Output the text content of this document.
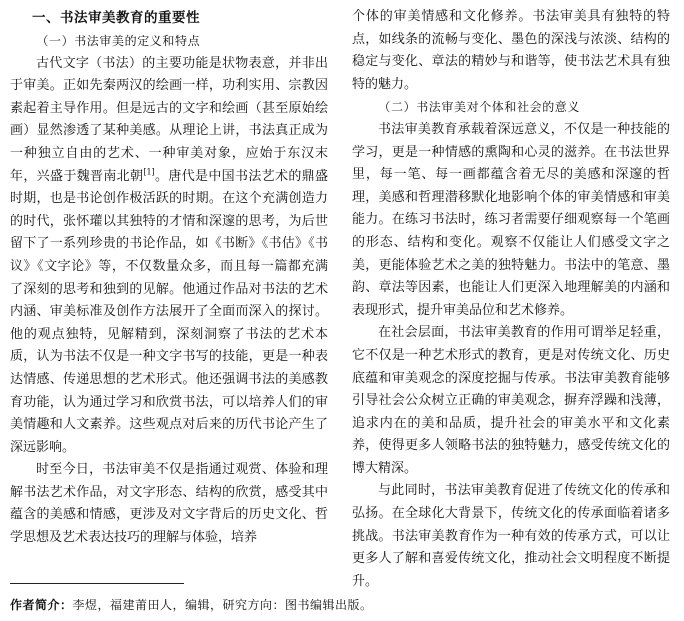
一、书法审美教育的重要性
（一）书法审美的定义和特点

古代文字（书法）的主要功能是状物表意，并非出于审美。正如先秦两汉的绘画一样，功利实用、宗教因素起着主导作用。但是远古的文字和绘画（甚至原始绘画）显然渗透了某种美感。从理论上讲，书法真正成为一种独立自由的艺术、一种审美对象，应始于东汉末年，兴盛于魏晋南北朝[1]。唐代是中国书法艺术的鼎盛时期，也是书论创作极活跃的时期。在这个充满创造力的时代，张怀瓘以其独特的才情和深邃的思考，为后世留下了一系列珍贵的书论作品，如《书断》《书估》《书议》《文字论》等，不仅数量众多，而且每一篇都充满了深刻的思考和独到的见解。他通过作品对书法的艺术内涵、审美标准及创作方法展开了全面而深入的探讨。他的观点独特，见解精到，深刻洞察了书法的艺术本质，认为书法不仅是一种文字书写的技能，更是一种表达情感、传递思想的艺术形式。他还强调书法的美感教育功能，认为通过学习和欣赏书法，可以培养人们的审美情趣和人文素养。这些观点对后来的历代书论产生了深远影响。

时至今日，书法审美不仅是指通过观赏、体验和理解书法艺术作品，对文字形态、结构的欣赏，感受其中蕴含的美感和情感，更涉及对文字背后的历史文化、哲学思想及艺术表达技巧的理解与体验，培养

个体的审美情感和文化修养。书法审美具有独特的特点，如线条的流畅与变化、墨色的深浅与浓淡、结构的稳定与变化、章法的精妙与和谐等，使书法艺术具有独特的魅力。

（二）书法审美对个体和社会的意义

书法审美教育承载着深远意义，不仅是一种技能的学习，更是一种情感的熏陶和心灵的滋养。在书法世界里，每一笔、每一画都蕴含着无尽的美感和深邃的哲理，美感和哲理潜移默化地影响个体的审美情感和审美能力。在练习书法时，练习者需要仔细观察每一个笔画的形态、结构和变化。观察不仅能让人们感受文字之美，更能体验艺术之美的独特魅力。书法中的笔意、墨韵、章法等因素，也能让人们更深入地理解美的内涵和表现形式，提升审美品位和艺术修养。

在社会层面，书法审美教育的作用可谓举足轻重，它不仅是一种艺术形式的教育，更是对传统文化、历史底蕴和审美观念的深度挖掘与传承。书法审美教育能够引导社会公众树立正确的审美观念，摒弃浮躁和浅薄，追求内在的美和品质，提升社会的审美水平和文化素养，使得更多人领略书法的独特魅力，感受传统文化的博大精深。

与此同时，书法审美教育促进了传统文化的传承和弘扬。在全球化大背景下，传统文化的传承面临着诸多挑战。书法审美教育作为一种有效的传承方式，可以让更多人了解和喜爱传统文化，推动社会文明程度不断提升。

作者简介：李煜，福建莆田人，编辑，研究方向：图书编辑出版。
